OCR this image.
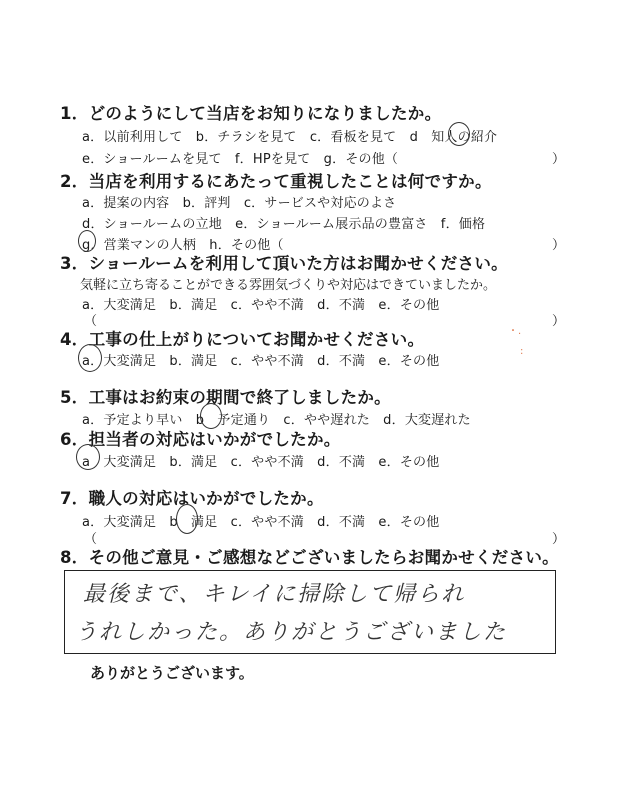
1．どのようにして当店をお知りになりましたか。
a．以前利用して　b．チラシを見て　c．看板を見て　d　知人の紹介
e．ショールームを見て　f．HPを見て　g．その他（	）
2．当店を利用するにあたって重視したことは何ですか。
a．提案の内容　b．評判　c．サービスや対応のよさ
d．ショールームの立地　e．ショールーム展示品の豊富さ　f．価格
g．営業マンの人柄　h．その他（	）
3．ショールームを利用して頂いた方はお聞かせください。
気軽に立ち寄ることができる雰囲気づくりや対応はできていましたか。
a．大変満足　b．満足　c．やや不満　d．不満　e．その他
（	）
4．工事の仕上がりについてお聞かせください。
a．大変満足　b．満足　c．やや不満　d．不満　e．その他
5．工事はお約束の期間で終了しましたか。
a．予定より早い　b　予定通り　c．やや遅れた　d．大変遅れた
6．担当者の対応はいかがでしたか。
a　大変満足　b．満足　c．やや不満　d．不満　e．その他
7．職人の対応はいかがでしたか。
a．大変満足　b　満足　c．やや不満　d．不満　e．その他
（	）
8．その他ご意見・ご感想などございましたらお聞かせください。
最後まで、キレイに掃除して帰られ
うれしかった。ありがとうございました
ありがとうございます。
・.
:
